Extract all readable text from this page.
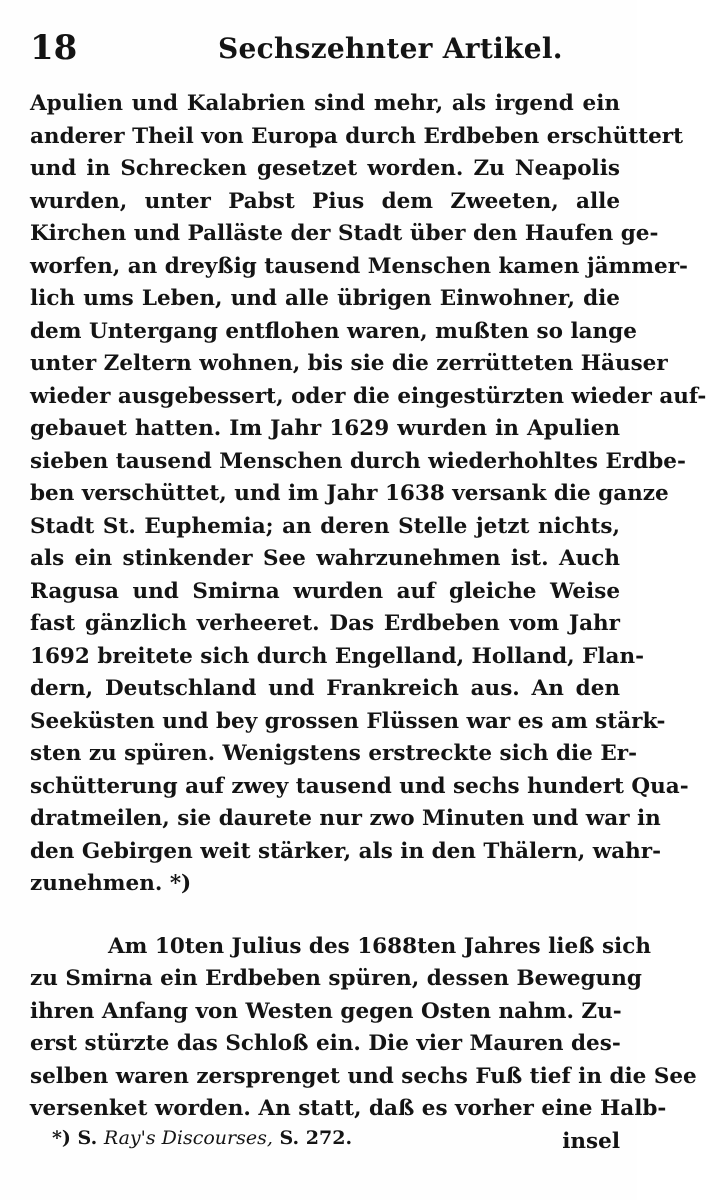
18	Sechszehnter Artikel.
Apulien und Kalabrien sind mehr, als irgend ein
anderer Theil von Europa durch Erdbeben erschüttert
und in Schrecken gesetzet worden. Zu Neapolis
wurden, unter Pabst Pius dem Zweeten, alle
Kirchen und Palläste der Stadt über den Haufen ge-
worfen, an dreyßig tausend Menschen kamen jämmer-
lich ums Leben, und alle übrigen Einwohner, die
dem Untergang entflohen waren, mußten so lange
unter Zeltern wohnen, bis sie die zerrütteten Häuser
wieder ausgebessert, oder die eingestürzten wieder auf-
gebauet hatten. Im Jahr 1629 wurden in Apulien
sieben tausend Menschen durch wiederhohltes Erdbe-
ben verschüttet, und im Jahr 1638 versank die ganze
Stadt St. Euphemia; an deren Stelle jetzt nichts,
als ein stinkender See wahrzunehmen ist. Auch
Ragusa und Smirna wurden auf gleiche Weise
fast gänzlich verheeret. Das Erdbeben vom Jahr
1692 breitete sich durch Engelland, Holland, Flan-
dern, Deutschland und Frankreich aus. An den
Seeküsten und bey grossen Flüssen war es am stärk-
sten zu spüren. Wenigstens erstreckte sich die Er-
schütterung auf zwey tausend und sechs hundert Qua-
dratmeilen, sie daurete nur zwo Minuten und war in
den Gebirgen weit stärker, als in den Thälern, wahr-
zunehmen. *)
Am 10ten Julius des 1688ten Jahres ließ sich
zu Smirna ein Erdbeben spüren, dessen Bewegung
ihren Anfang von Westen gegen Osten nahm. Zu-
erst stürzte das Schloß ein. Die vier Mauren des-
selben waren zersprenget und sechs Fuß tief in die See
versenket worden. An statt, daß es vorher eine Halb-
insel
*) S. Ray's Discourses, S. 272.
